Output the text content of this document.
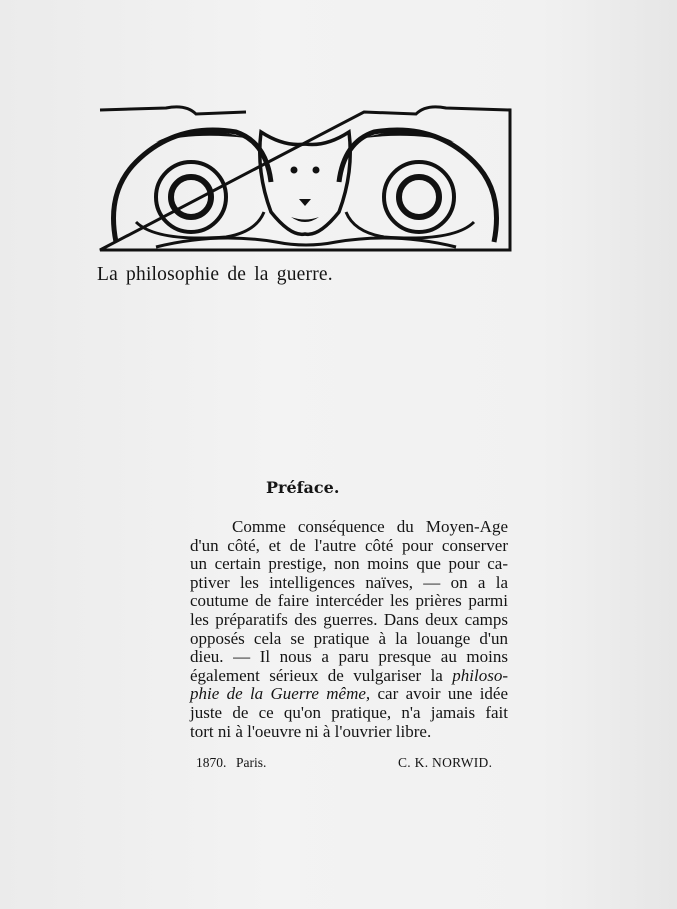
La philosophie de la guerre.
Préface.
Comme conséquence du Moyen-Age
d'un côté, et de l'autre côté pour conserver
un certain prestige, non moins que pour ca-
ptiver les intelligences naïves, — on a la
coutume de faire intercéder les prières parmi
les préparatifs des guerres. Dans deux camps
opposés cela se pratique à la louange d'un
dieu. — Il nous a paru presque au moins
également sérieux de vulgariser la philoso-
phie de la Guerre même, car avoir une idée
juste de ce qu'on pratique, n'a jamais fait
tort ni à l'oeuvre ni à l'ouvrier libre.
1870. Paris.	C. K. NORWID.
